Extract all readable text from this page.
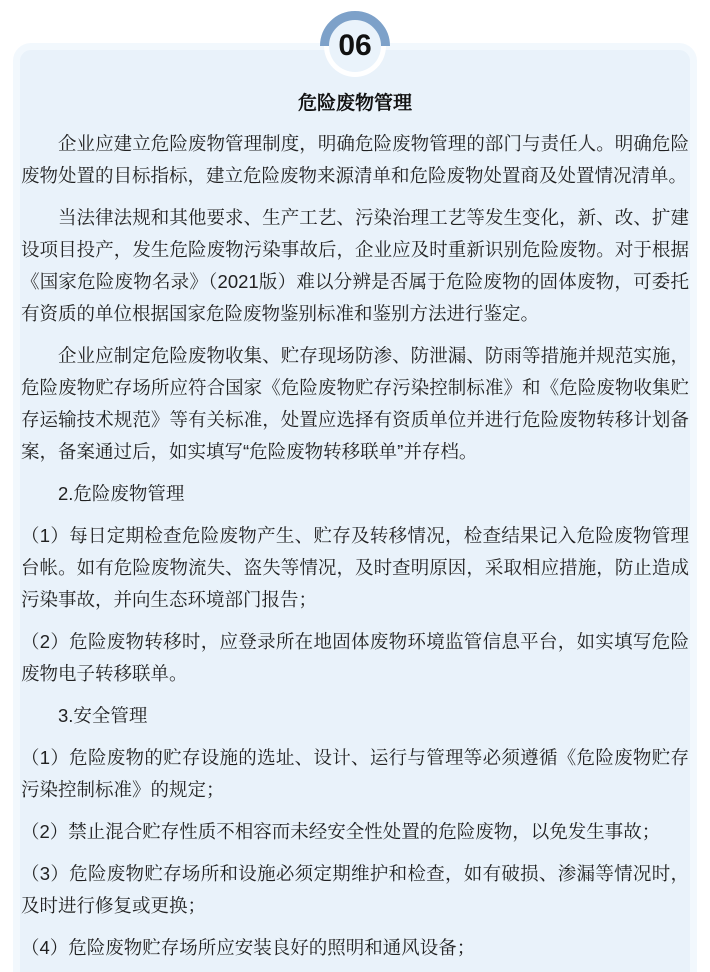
06
危险废物管理

企业应建立危险废物管理制度，明确危险废物管理的部门与责任人。明确危险废物处置的目标指标，建立危险废物来源清单和危险废物处置商及处置情况清单。

当法律法规和其他要求、生产工艺、污染治理工艺等发生变化，新、改、扩建设项目投产，发生危险废物污染事故后，企业应及时重新识别危险废物。对于根据《国家危险废物名录》（2021版）难以分辨是否属于危险废物的固体废物，可委托有资质的单位根据国家危险废物鉴别标准和鉴别方法进行鉴定。

企业应制定危险废物收集、贮存现场防渗、防泄漏、防雨等措施并规范实施，危险废物贮存场所应符合国家《危险废物贮存污染控制标准》和《危险废物收集贮存运输技术规范》等有关标准，处置应选择有资质单位并进行危险废物转移计划备案，备案通过后，如实填写“危险废物转移联单”并存档。

2.危险废物管理

（1）每日定期检查危险废物产生、贮存及转移情况，检查结果记入危险废物管理台帐。如有危险废物流失、盗失等情况，及时查明原因，采取相应措施，防止造成污染事故，并向生态环境部门报告；

（2）危险废物转移时，应登录所在地固体废物环境监管信息平台，如实填写危险废物电子转移联单。

3.安全管理

（1）危险废物的贮存设施的选址、设计、运行与管理等必须遵循《危险废物贮存污染控制标准》的规定；

（2）禁止混合贮存性质不相容而未经安全性处置的危险废物，以免发生事故；

（3）危险废物贮存场所和设施必须定期维护和检查，如有破损、渗漏等情况时，及时进行修复或更换；

（4）危险废物贮存场所应安装良好的照明和通风设备；
